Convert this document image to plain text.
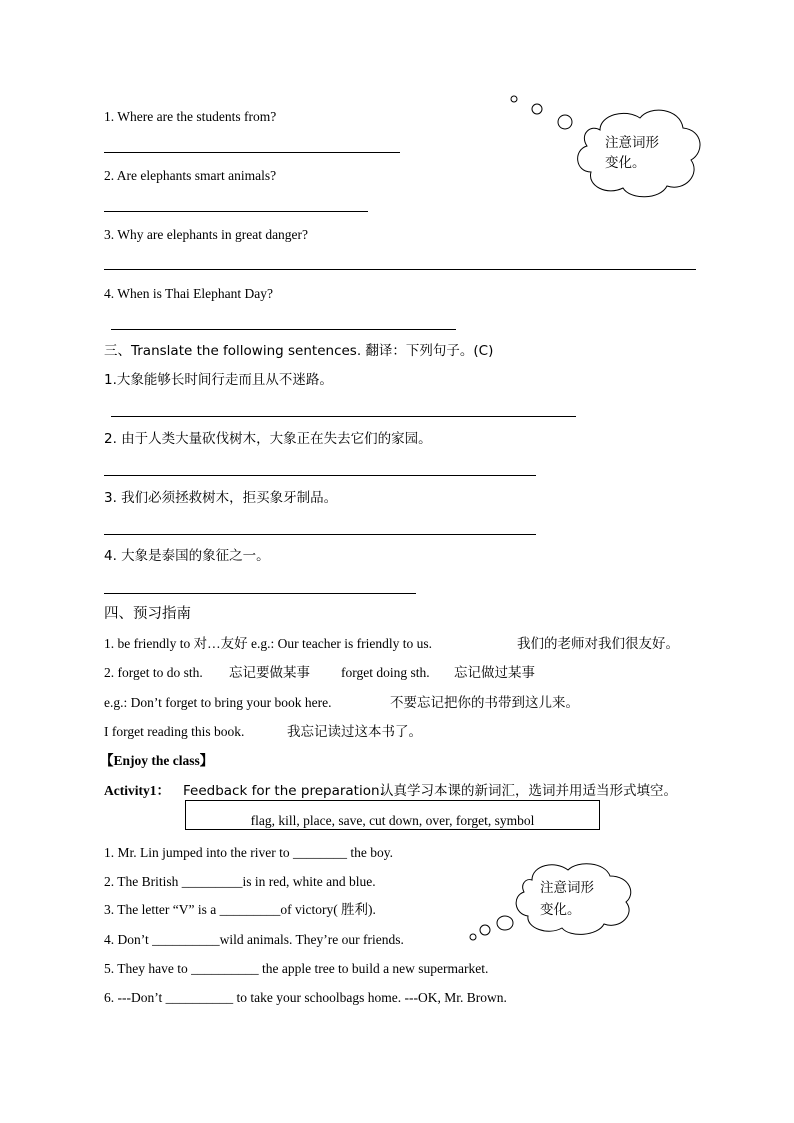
1. Where are the students from?
2. Are elephants smart animals?
3. Why are elephants in great danger?
4. When is Thai Elephant Day?
注意词形
变化。
三、Translate the following sentences. 翻译：下列句子。(C)
1.大象能够长时间行走而且从不迷路。
2. 由于人类大量砍伐树木，大象正在失去它们的家园。
3. 我们必须拯救树木，拒买象牙制品。
4. 大象是泰国的象征之一。
四、预习指南
1. be friendly to 对…友好 e.g.: Our teacher is friendly to us.	我们的老师对我们很友好。
2. forget to do sth. 忘记要做某事 forget doing sth. 忘记做过某事
e.g.: Don’t forget to bring your book here.	不要忘记把你的书带到这儿来。
I forget reading this book.	我忘记读过这本书了。
【Enjoy the class】
Activity1： Feedback for the preparation.
认真学习本课的新词汇，选词并用适当形式填空。
flag, kill, place, save, cut down, over, forget, symbol
1. Mr. Lin jumped into the river to ________ the boy.
2. The British _________is in red, white and blue.
3. The letter “V” is a _________of victory( 胜利).
4. Don’t __________wild animals. They’re our friends.
5. They have to __________ the apple tree to build a new supermarket.
6. ---Don’t __________ to take your schoolbags home. ---OK, Mr. Brown.
注意词形
变化。
